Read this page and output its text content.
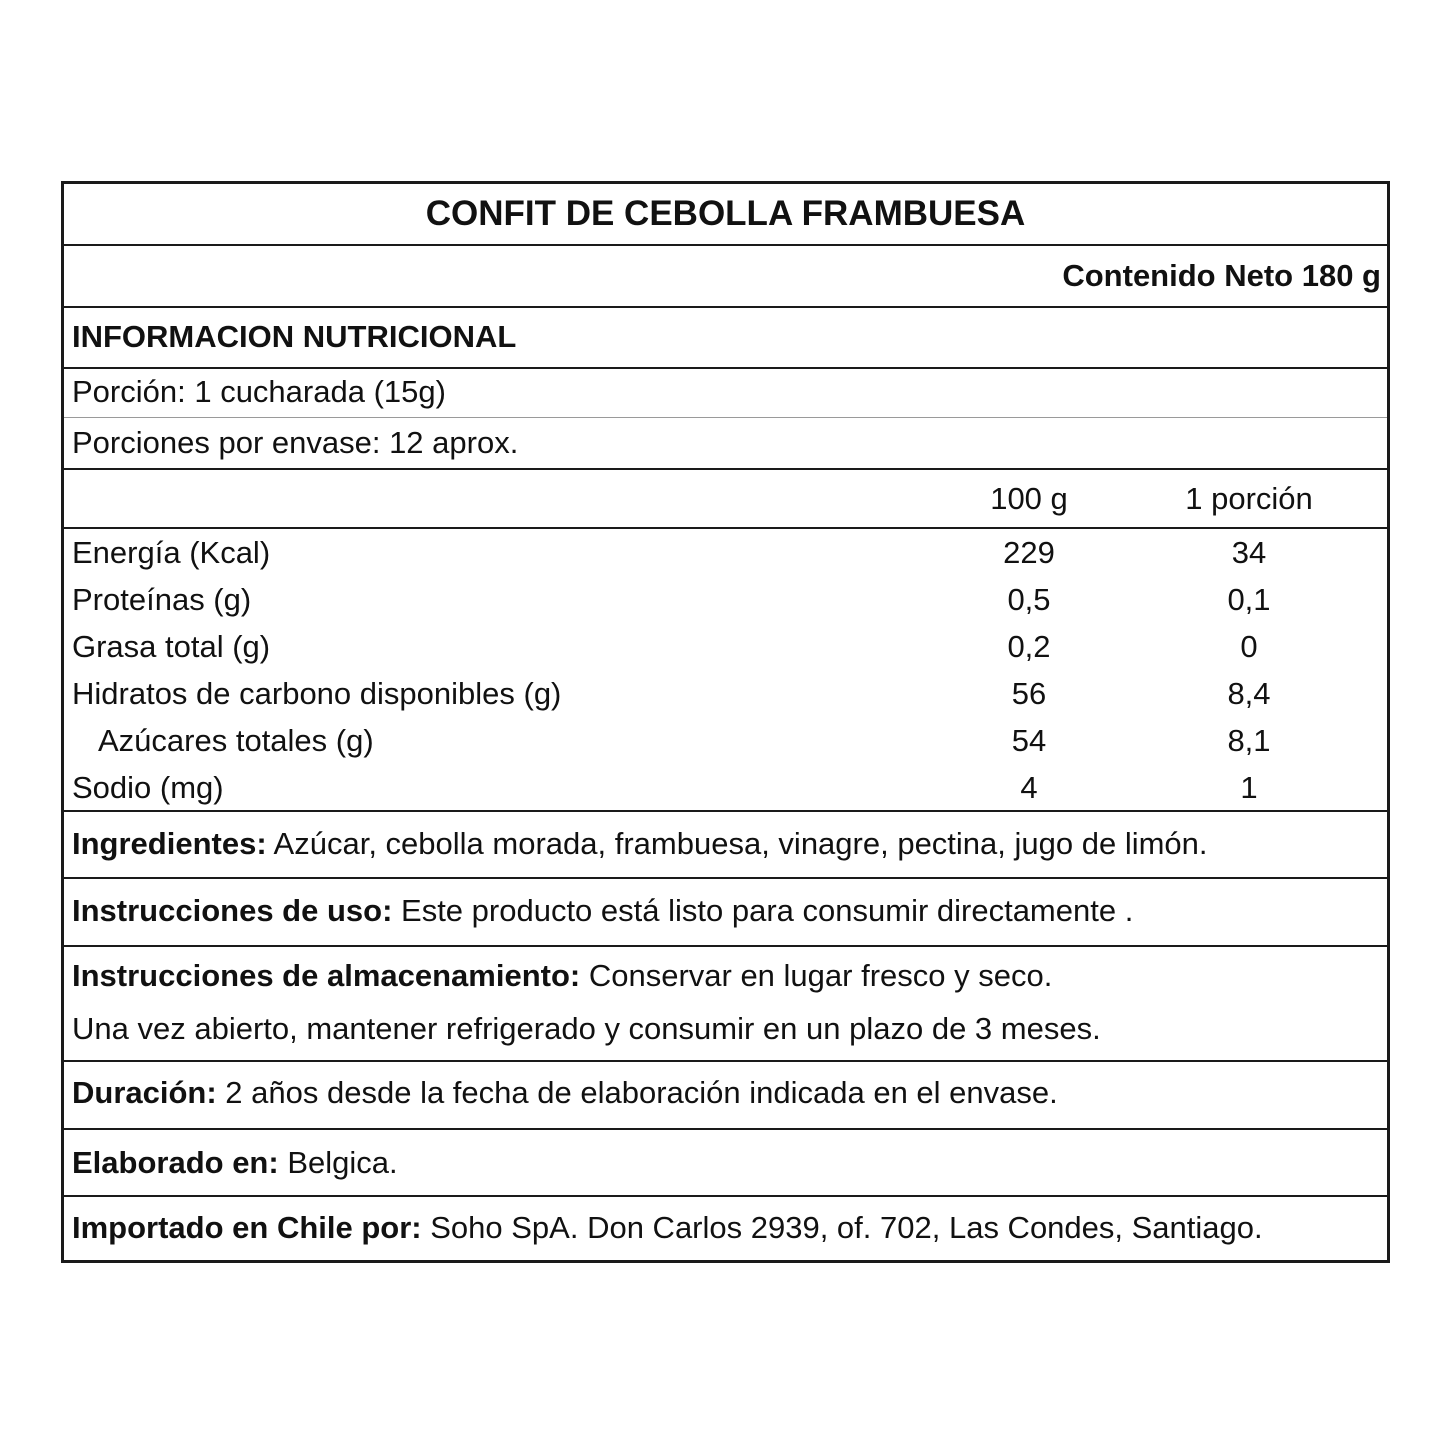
CONFIT DE CEBOLLA FRAMBUESA
Contenido Neto 180 g
INFORMACION NUTRICIONAL
Porción: 1 cucharada (15g)
Porciones por envase: 12 aprox.
100 g	1 porción
Energía (Kcal)	229	34
Proteínas (g)	0,5	0,1
Grasa total (g)	0,2	0
Hidratos de carbono disponibles (g)	56	8,4
Azúcares totales (g)	54	8,1
Sodio (mg)	4	1
Ingredientes: Azúcar, cebolla morada, frambuesa, vinagre, pectina, jugo de limón.
Instrucciones de uso: Este producto está listo para consumir directamente .
Instrucciones de almacenamiento: Conservar en lugar fresco y seco.
Una vez abierto, mantener refrigerado y consumir en un plazo de 3 meses.
Duración: 2 años desde la fecha de elaboración indicada en el envase.
Elaborado en: Belgica.
Importado en Chile por: Soho SpA. Don Carlos 2939, of. 702, Las Condes, Santiago.
